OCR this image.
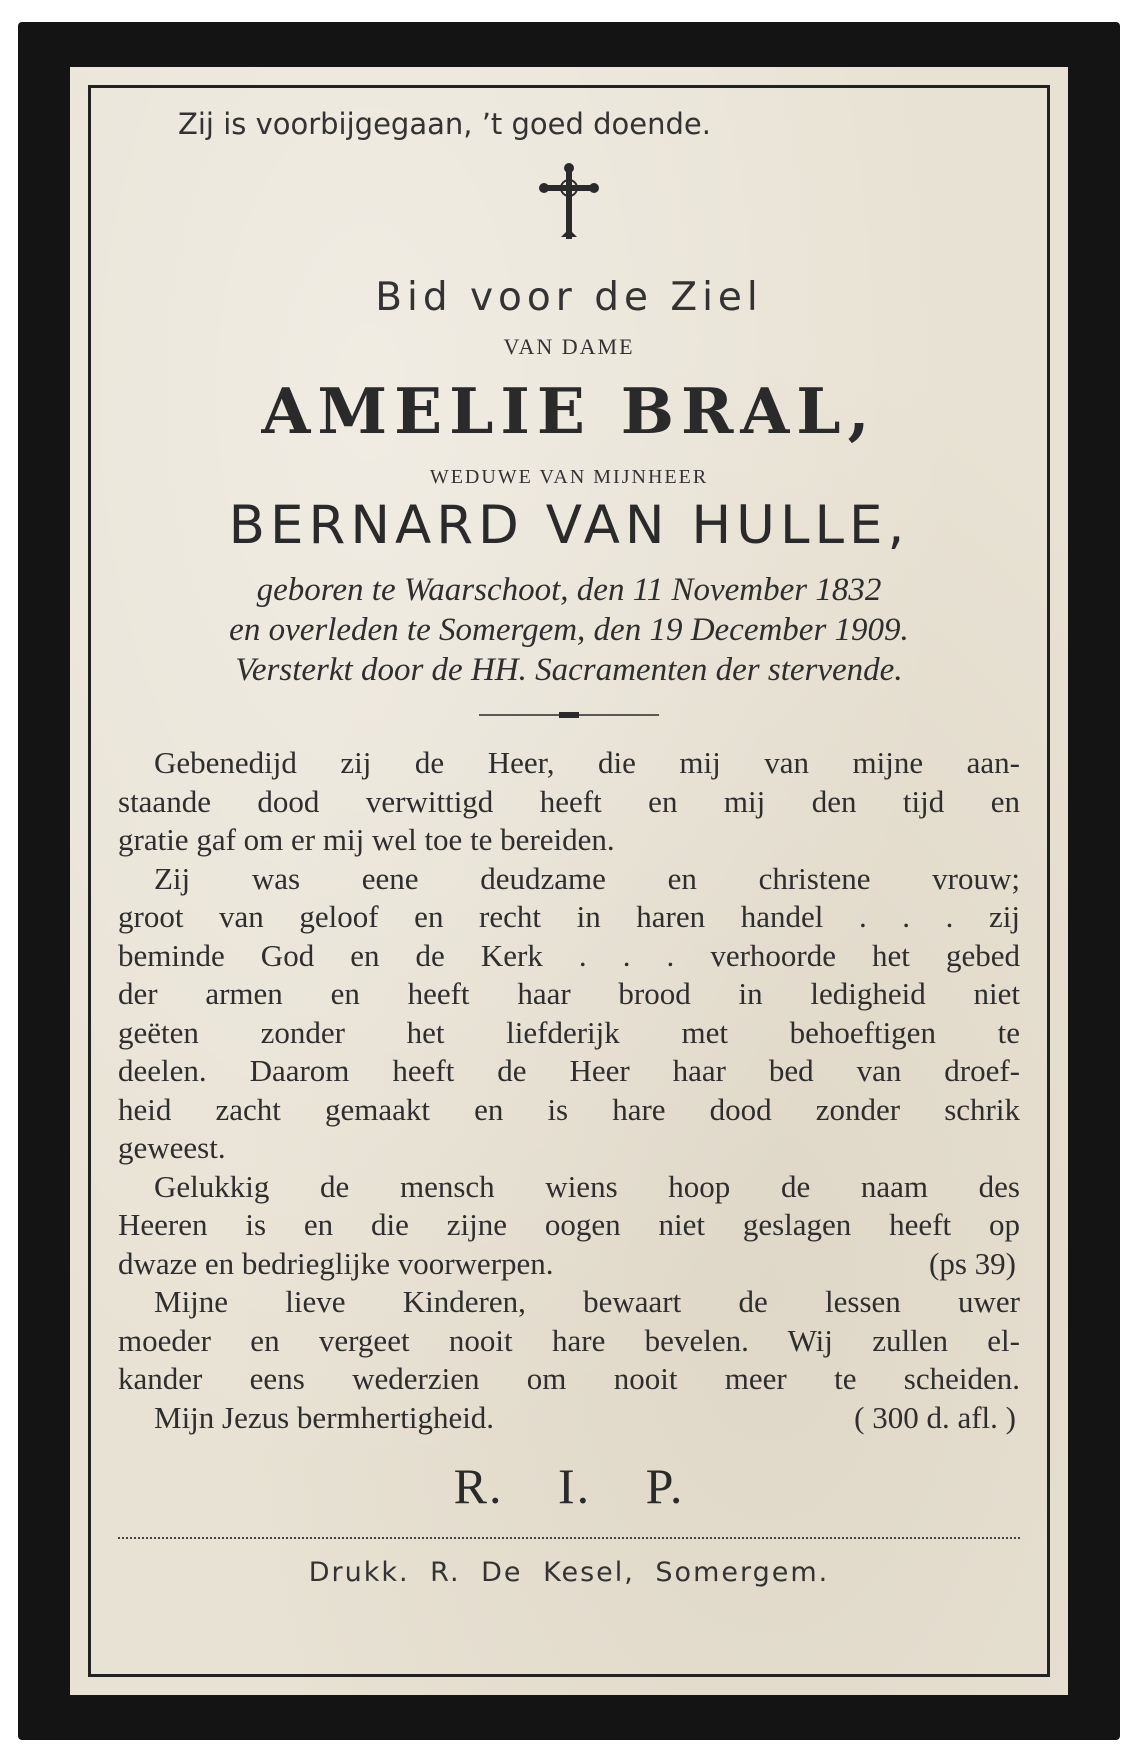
Zij is voorbijgegaan, ’t goed doende.

Bid voor de Ziel
VAN DAME
AMELIE BRAL,
WEDUWE VAN MIJNHEER
BERNARD VAN HULLE,
geboren te Waarschoot, den 11 November 1832
en overleden te Somergem, den 19 December 1909.
Versterkt door de HH. Sacramenten der stervende.

Gebenedijd zij de Heer, die mij van mijne aan-

staande dood verwittigd heeft en mij den tijd en

gratie gaf om er mij wel toe te bereiden.

Zij was eene deudzame en christene vrouw;

groot van geloof en recht in haren handel . . . zij

beminde God en de Kerk . . . verhoorde het gebed

der armen en heeft haar brood in ledigheid niet

geëten zonder het liefderijk met behoeftigen te

deelen. Daarom heeft de Heer haar bed van droef-

heid zacht gemaakt en is hare dood zonder schrik

geweest.

Gelukkig de mensch wiens hoop de naam des

Heeren is en die zijne oogen niet geslagen heeft op

dwaze en bedrieglijke voorwerpen.	(ps 39)

Mijne lieve Kinderen, bewaart de lessen uwer

moeder en vergeet nooit hare bevelen. Wij zullen el-

kander eens wederzien om nooit meer te scheiden.

Mijn Jezus bermhertigheid.	( 300 d. afl. )
R. I. P.
Drukk. R. De Kesel, Somergem.
